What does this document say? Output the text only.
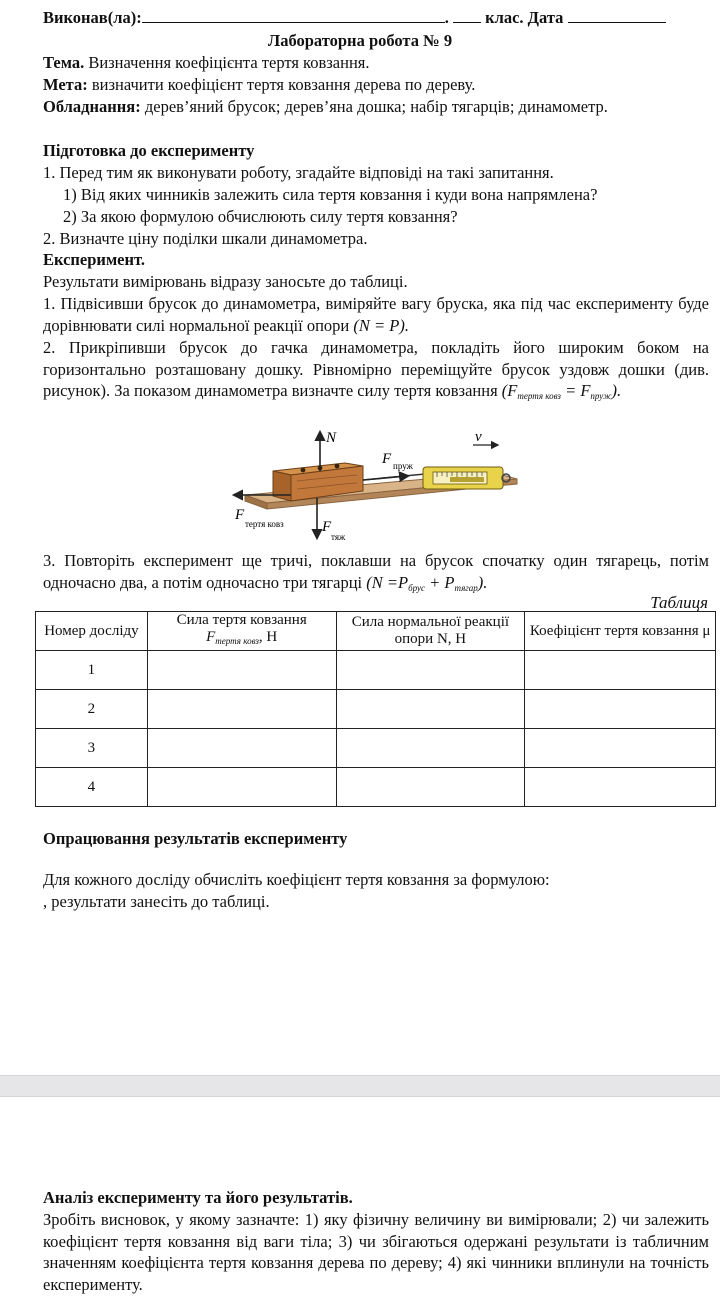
Виконав(ла):	.  клас. Дата
Лабораторна робота № 9
Тема. Визначення коефіцієнта тертя ковзання.
Мета: визначити коефіцієнт тертя ковзання дерева по дереву.
Обладнання: дерев’яний брусок; дерев’яна дошка; набір тягарців; динамометр.
Підготовка до експерименту
1. Перед тим як виконувати роботу, згадайте відповіді на такі запитання.
1) Від яких чинників залежить сила тертя ковзання і куди вона напрямлена?
2) За якою формулою обчислюють силу тертя ковзання?
2. Визначте ціну поділки шкали динамометра.
Експеримент.
Результати вимірювань відразу заносьте до таблиці.
1. Підвісивши брусок до динамометра, виміряйте вагу бруска, яка під час експерименту буде дорівнювати силі нормальної реакції опори (N = P).
2. Прикріпивши брусок до гачка динамометра, покладіть його широким боком на горизонтально розташовану дошку. Рівномірно переміщуйте брусок уздовж дошки (див. рисунок). За показом динамометра визначте силу тертя ковзання $(F_{тертя ковз} = F_{пруж})$.
N	v
F пруж
F
тертя ковз	F
тяж
3. Повторіть експеримент ще тричі, поклавши на брусок спочатку один тягарець, потім одночасно два, а потім одночасно три тягарці $(N =P_{брус} + P_{тягар})$.
Таблиця
Номер досліду	Сила тертя ковзання
$F_{тертя ковз}$, Н	Сила нормальної реакції опори N, Н	Коефіцієнт тертя ковзання μ
1			
2			
3			
4			
Опрацювання результатів експерименту
Для кожного досліду обчисліть коефіцієнт тертя ковзання за формулою:
, результати занесіть до таблиці.
Аналіз експерименту та його результатів.
Зробіть висновок, у якому зазначте: 1) яку фізичну величину ви вимірювали; 2) чи залежить коефіцієнт тертя ковзання від ваги тіла; 3) чи збігаються одержані результати із табличним значенням коефіцієнта тертя ковзання дерева по дереву; 4) які чинники вплинули на точність експерименту.
